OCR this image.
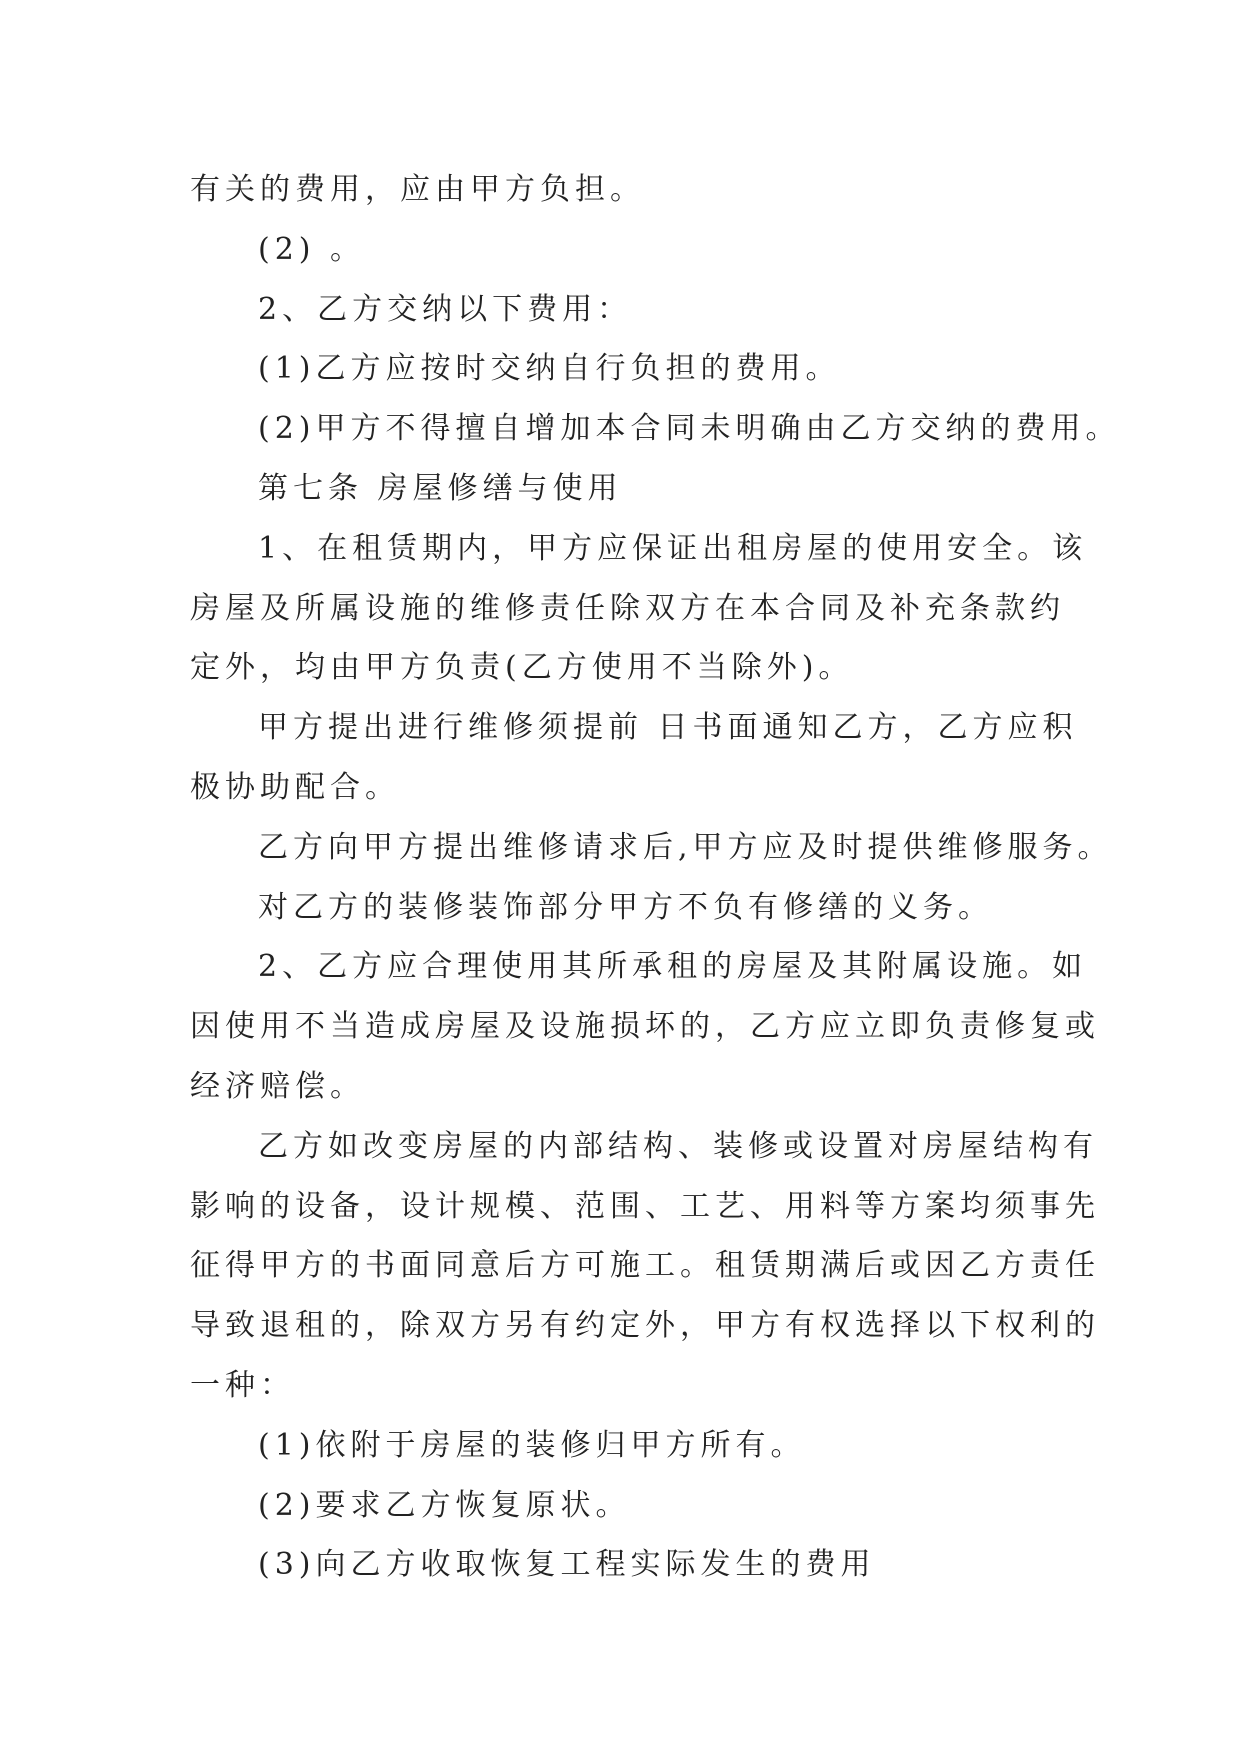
有关的费用，应由甲方负担。

(2) 。

2、乙方交纳以下费用：

(1)乙方应按时交纳自行负担的费用。

(2)甲方不得擅自增加本合同未明确由乙方交纳的费用。

第七条 房屋修缮与使用

1、在租赁期内，甲方应保证出租房屋的使用安全。该

房屋及所属设施的维修责任除双方在本合同及补充条款约

定外，均由甲方负责(乙方使用不当除外)。

甲方提出进行维修须提前 日书面通知乙方，乙方应积

极协助配合。

乙方向甲方提出维修请求后,甲方应及时提供维修服务。

对乙方的装修装饰部分甲方不负有修缮的义务。

2、乙方应合理使用其所承租的房屋及其附属设施。如

因使用不当造成房屋及设施损坏的，乙方应立即负责修复或

经济赔偿。

乙方如改变房屋的内部结构、装修或设置对房屋结构有

影响的设备，设计规模、范围、工艺、用料等方案均须事先

征得甲方的书面同意后方可施工。租赁期满后或因乙方责任

导致退租的，除双方另有约定外，甲方有权选择以下权利的

一种：

(1)依附于房屋的装修归甲方所有。

(2)要求乙方恢复原状。

(3)向乙方收取恢复工程实际发生的费用
